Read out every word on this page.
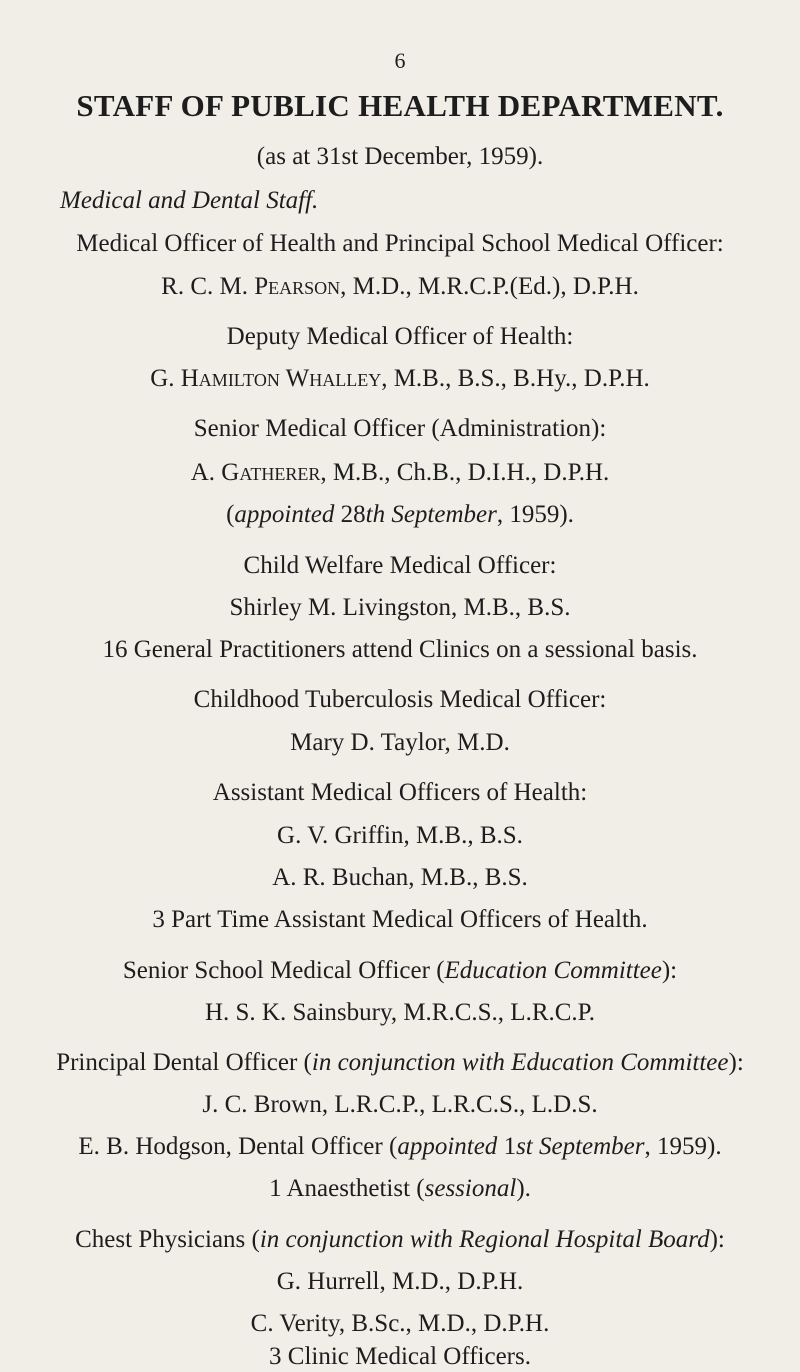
6
STAFF OF PUBLIC HEALTH DEPARTMENT.
(as at 31st December, 1959).
Medical and Dental Staff.
Medical Officer of Health and Principal School Medical Officer:
R. C. M. Pearson, M.D., M.R.C.P.(Ed.), D.P.H.
Deputy Medical Officer of Health:
G. Hamilton Whalley, M.B., B.S., B.Hy., D.P.H.
Senior Medical Officer (Administration):
A. Gatherer, M.B., Ch.B., D.I.H., D.P.H.
(appointed 28th September, 1959).
Child Welfare Medical Officer:
Shirley M. Livingston, M.B., B.S.
16 General Practitioners attend Clinics on a sessional basis.
Childhood Tuberculosis Medical Officer:
Mary D. Taylor, M.D.
Assistant Medical Officers of Health:
G. V. Griffin, M.B., B.S.
A. R. Buchan, M.B., B.S.
3 Part Time Assistant Medical Officers of Health.
Senior School Medical Officer (Education Committee):
H. S. K. Sainsbury, M.R.C.S., L.R.C.P.
Principal Dental Officer (in conjunction with Education Committee):
J. C. Brown, L.R.C.P., L.R.C.S., L.D.S.
E. B. Hodgson, Dental Officer (appointed 1st September, 1959).
1 Anaesthetist (sessional).
Chest Physicians (in conjunction with Regional Hospital Board):
G. Hurrell, M.D., D.P.H.
C. Verity, B.Sc., M.D., D.P.H.
3 Clinic Medical Officers.
